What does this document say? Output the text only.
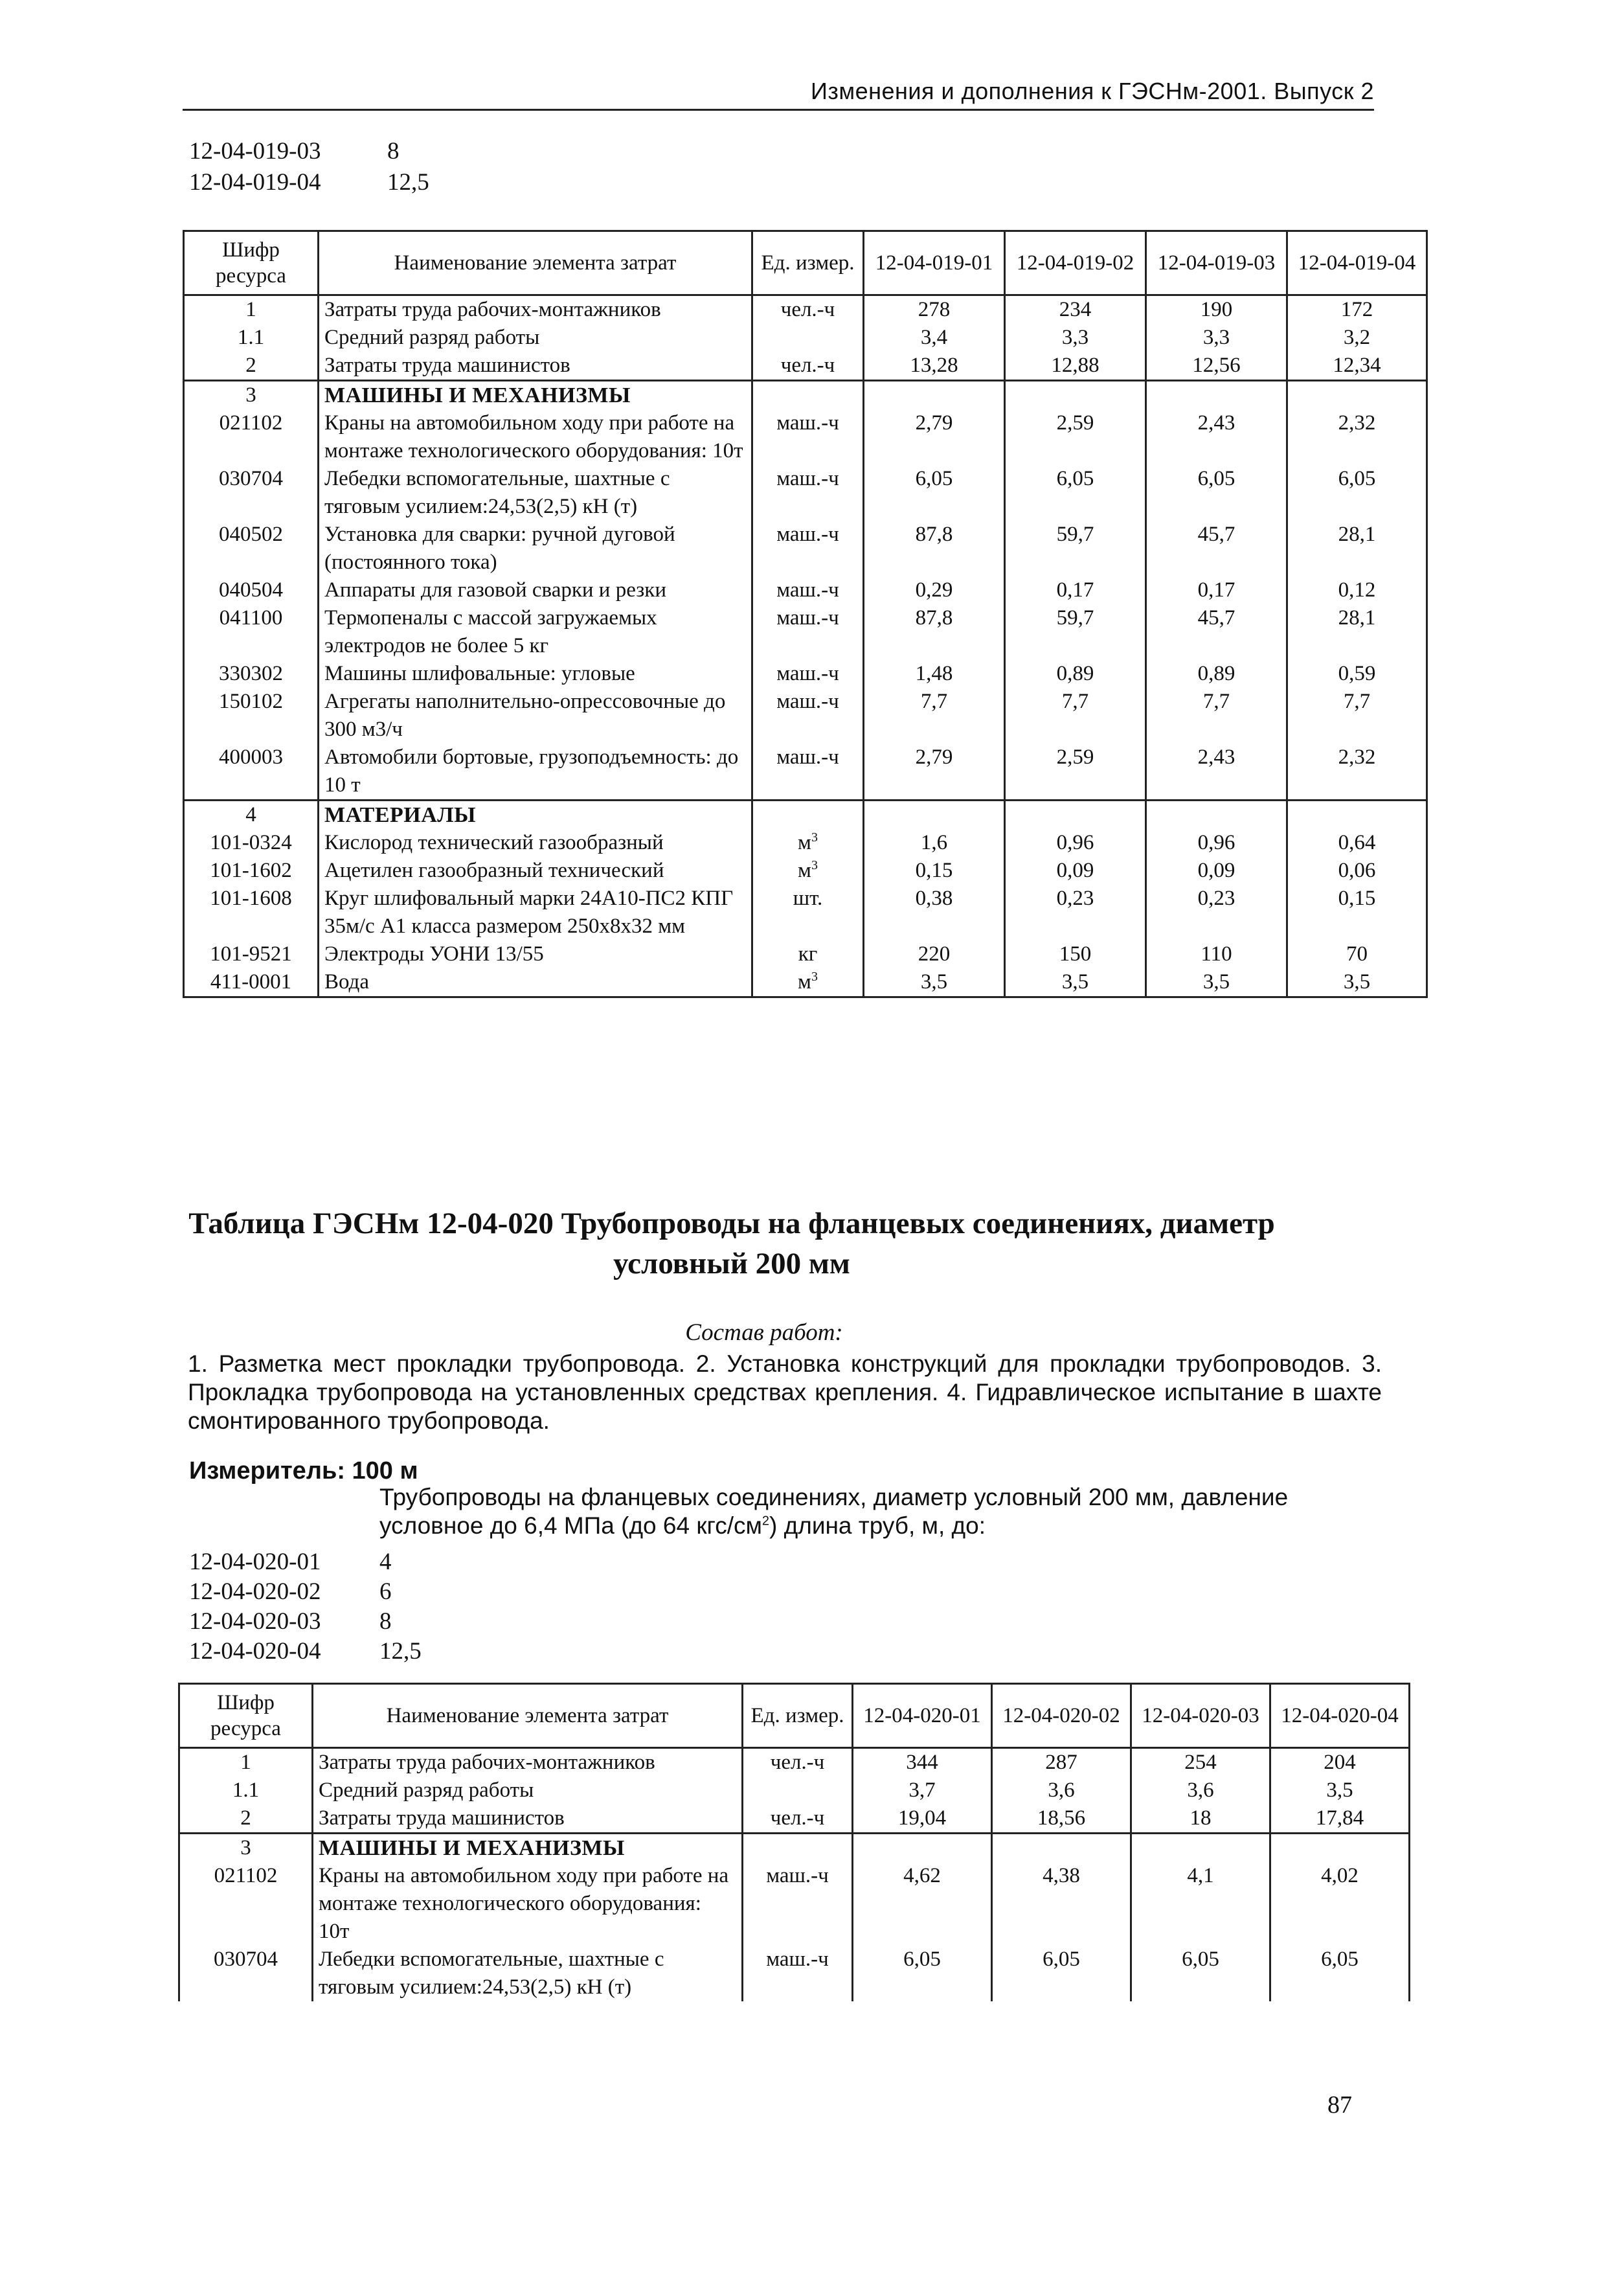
Изменения и дополнения к ГЭСНм-2001. Выпуск 2
12-04-019-03	8
12-04-019-04	12,5
Шифр ресурса	Наименование элемента затрат	Ед. измер.	12-04-019-01	12-04-019-02	12-04-019-03	12-04-019-04
1	Затраты труда рабочих-монтажников	чел.-ч	278	234	190	172
1.1	Средний разряд работы		3,4	3,3	3,3	3,2
2	Затраты труда машинистов	чел.-ч	13,28	12,88	12,56	12,34
3	МАШИНЫ И МЕХАНИЗМЫ					
021102	Краны на автомобильном ходу при работе на монтаже технологического оборудования: 10т	маш.-ч	2,79	2,59	2,43	2,32
030704	Лебедки вспомогательные, шахтные с тяговым усилием:24,53(2,5) кН (т)	маш.-ч	6,05	6,05	6,05	6,05
040502	Установка для сварки: ручной дуговой (постоянного тока)	маш.-ч	87,8	59,7	45,7	28,1
040504	Аппараты для газовой сварки и резки	маш.-ч	0,29	0,17	0,17	0,12
041100	Термопеналы с массой загружаемых электродов не более 5 кг	маш.-ч	87,8	59,7	45,7	28,1
330302	Машины шлифовальные: угловые	маш.-ч	1,48	0,89	0,89	0,59
150102	Агрегаты наполнительно-опрессовочные до 300 м3/ч	маш.-ч	7,7	7,7	7,7	7,7
400003	Автомобили бортовые, грузоподъемность: до 10 т	маш.-ч	2,79	2,59	2,43	2,32
4	МАТЕРИАЛЫ					
101-0324	Кислород технический газообразный	$м^3$	1,6	0,96	0,96	0,64
101-1602	Ацетилен газообразный технический	$м^3$	0,15	0,09	0,09	0,06
101-1608	Круг шлифовальный марки 24А10-ПС2 КПГ 35м/с А1 класса размером 250х8х32 мм	шт.	0,38	0,23	0,23	0,15
101-9521	Электроды УОНИ 13/55	кг	220	150	110	70
411-0001	Вода	$м^3$	3,5	3,5	3,5	3,5
Таблица ГЭСНм 12-04-020 Трубопроводы на фланцевых соединениях, диаметр условный 200 мм
Состав работ:
1. Разметка мест прокладки трубопровода. 2. Установка конструкций для прокладки трубопроводов. 3. Прокладка трубопровода на установленных средствах крепления. 4. Гидравлическое испытание в шахте смонтированного трубопровода.
Измеритель: 100 м
Трубопроводы на фланцевых соединениях, диаметр условный 200 мм, давление условное до 6,4 МПа (до 64 кгс/$см^2$) длина труб, м, до:
12-04-020-01 4
12-04-020-02 6
12-04-020-03 8
12-04-020-04 12,5
Шифр ресурса	Наименование элемента затрат	Ед. измер.	12-04-020-01	12-04-020-02	12-04-020-03	12-04-020-04
1	Затраты труда рабочих-монтажников	чел.-ч	344	287	254	204
1.1	Средний разряд работы		3,7	3,6	3,6	3,5
2	Затраты труда машинистов	чел.-ч	19,04	18,56	18	17,84
3	МАШИНЫ И МЕХАНИЗМЫ					
021102	Краны на автомобильном ходу при работе на монтаже технологического оборудования: 10т	маш.-ч	4,62	4,38	4,1	4,02
030704	Лебедки вспомогательные, шахтные с тяговым усилием:24,53(2,5) кН (т)	маш.-ч	6,05	6,05	6,05	6,05
87
